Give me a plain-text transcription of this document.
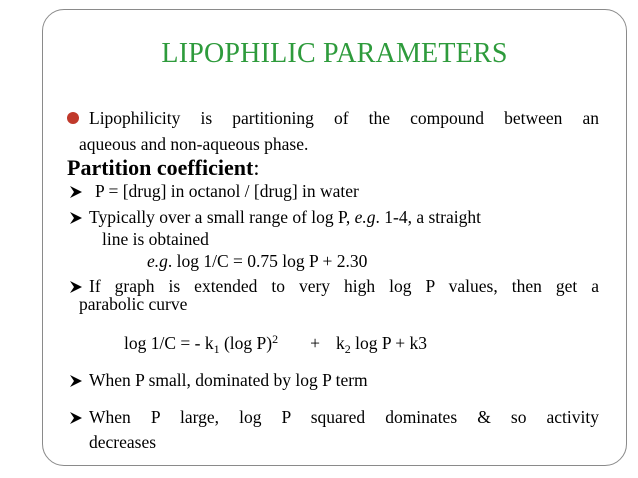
LIPOPHILIC PARAMETERS
Lipophilicity is partitioning of the compound between an
aqueous and non-aqueous phase.
Partition coefficient:
P = [drug] in octanol / [drug] in water
Typically over a small range of log P, e.g. 1-4, a straight
line is obtained
e.g. log 1/C = 0.75 log P + 2.30
If graph is extended to very high log P values, then get a
parabolic curve
log 1/C = - $k_1$ (log $P)^2 + k_2$ log P + k3
When P small, dominated by log P term
When P large, log P squared dominates & so activity
decreases
